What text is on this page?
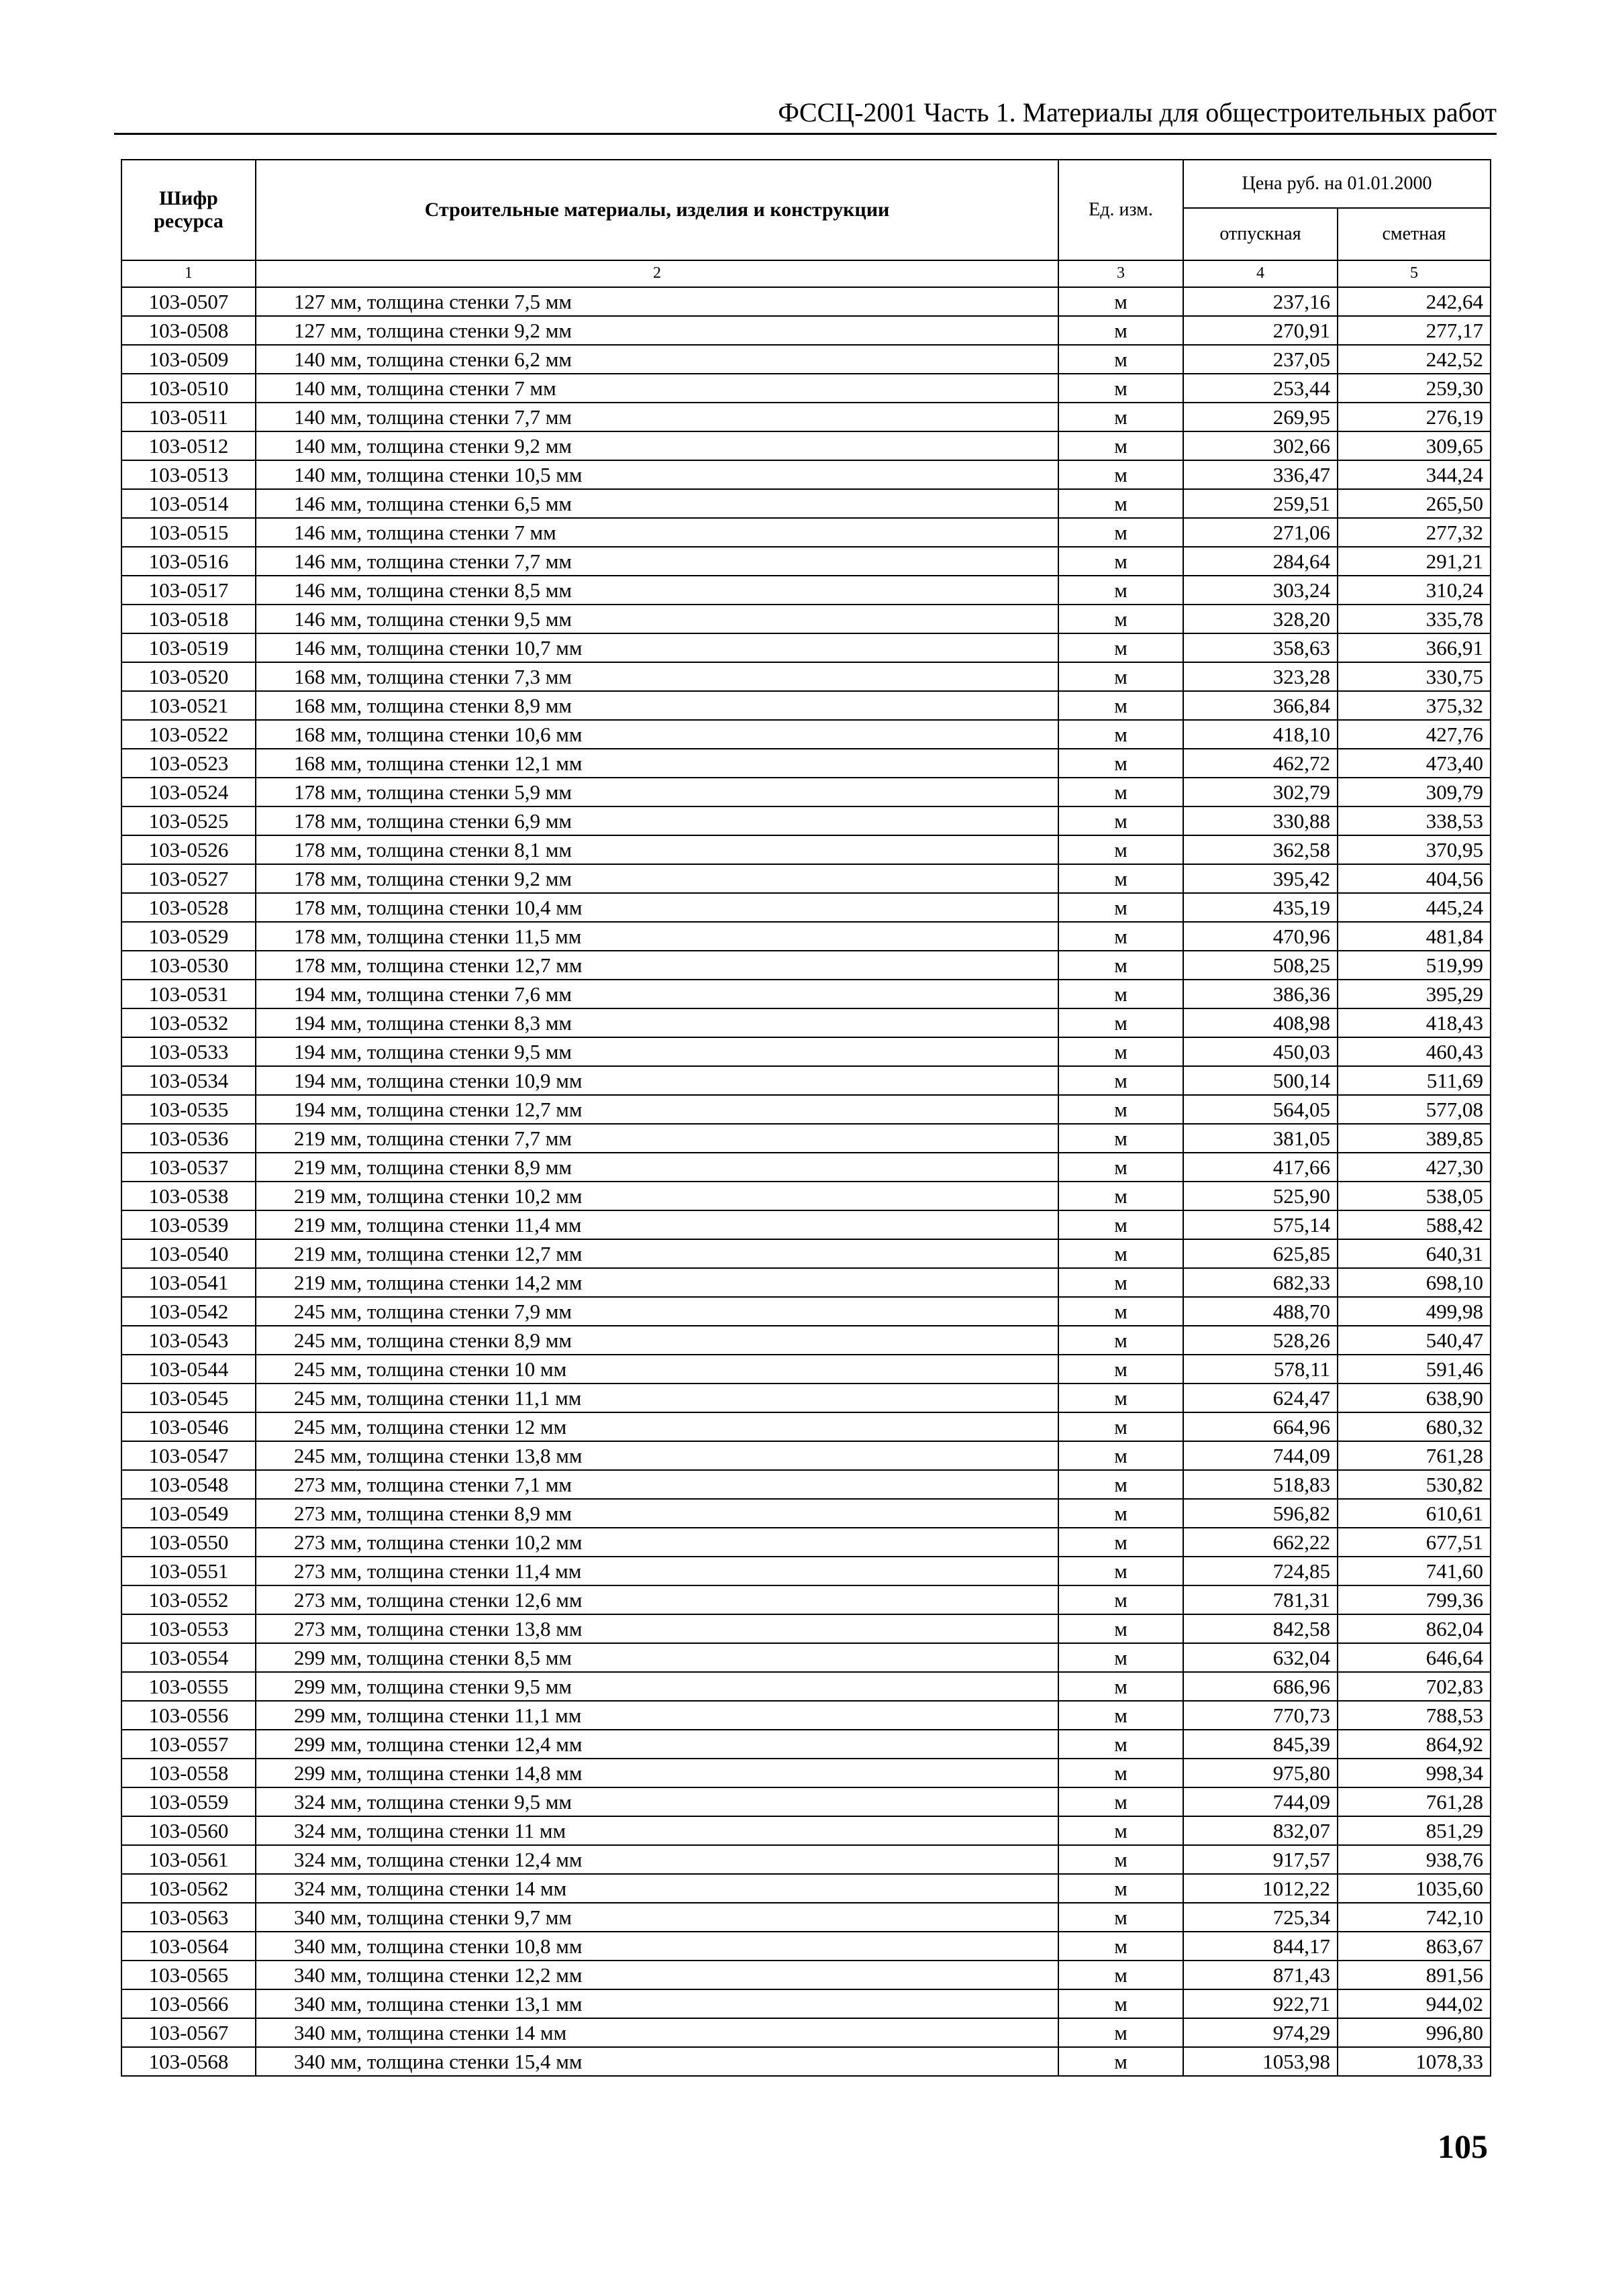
ФССЦ-2001 Часть 1. Материалы для общестроительных работ
Шифр ресурса	Строительные материалы, изделия и конструкции	Ед. изм.	Цена руб. на 01.01.2000	
			отпускная	сметная
1	2	3	4	5
103-0507	127 мм, толщина стенки 7,5 мм	м	237,16	242,64
103-0508	127 мм, толщина стенки 9,2 мм	м	270,91	277,17
103-0509	140 мм, толщина стенки 6,2 мм	м	237,05	242,52
103-0510	140 мм, толщина стенки 7 мм	м	253,44	259,30
103-0511	140 мм, толщина стенки 7,7 мм	м	269,95	276,19
103-0512	140 мм, толщина стенки 9,2 мм	м	302,66	309,65
103-0513	140 мм, толщина стенки 10,5 мм	м	336,47	344,24
103-0514	146 мм, толщина стенки 6,5 мм	м	259,51	265,50
103-0515	146 мм, толщина стенки 7 мм	м	271,06	277,32
103-0516	146 мм, толщина стенки 7,7 мм	м	284,64	291,21
103-0517	146 мм, толщина стенки 8,5 мм	м	303,24	310,24
103-0518	146 мм, толщина стенки 9,5 мм	м	328,20	335,78
103-0519	146 мм, толщина стенки 10,7 мм	м	358,63	366,91
103-0520	168 мм, толщина стенки 7,3 мм	м	323,28	330,75
103-0521	168 мм, толщина стенки 8,9 мм	м	366,84	375,32
103-0522	168 мм, толщина стенки 10,6 мм	м	418,10	427,76
103-0523	168 мм, толщина стенки 12,1 мм	м	462,72	473,40
103-0524	178 мм, толщина стенки 5,9 мм	м	302,79	309,79
103-0525	178 мм, толщина стенки 6,9 мм	м	330,88	338,53
103-0526	178 мм, толщина стенки 8,1 мм	м	362,58	370,95
103-0527	178 мм, толщина стенки 9,2 мм	м	395,42	404,56
103-0528	178 мм, толщина стенки 10,4 мм	м	435,19	445,24
103-0529	178 мм, толщина стенки 11,5 мм	м	470,96	481,84
103-0530	178 мм, толщина стенки 12,7 мм	м	508,25	519,99
103-0531	194 мм, толщина стенки 7,6 мм	м	386,36	395,29
103-0532	194 мм, толщина стенки 8,3 мм	м	408,98	418,43
103-0533	194 мм, толщина стенки 9,5 мм	м	450,03	460,43
103-0534	194 мм, толщина стенки 10,9 мм	м	500,14	511,69
103-0535	194 мм, толщина стенки 12,7 мм	м	564,05	577,08
103-0536	219 мм, толщина стенки 7,7 мм	м	381,05	389,85
103-0537	219 мм, толщина стенки 8,9 мм	м	417,66	427,30
103-0538	219 мм, толщина стенки 10,2 мм	м	525,90	538,05
103-0539	219 мм, толщина стенки 11,4 мм	м	575,14	588,42
103-0540	219 мм, толщина стенки 12,7 мм	м	625,85	640,31
103-0541	219 мм, толщина стенки 14,2 мм	м	682,33	698,10
103-0542	245 мм, толщина стенки 7,9 мм	м	488,70	499,98
103-0543	245 мм, толщина стенки 8,9 мм	м	528,26	540,47
103-0544	245 мм, толщина стенки 10 мм	м	578,11	591,46
103-0545	245 мм, толщина стенки 11,1 мм	м	624,47	638,90
103-0546	245 мм, толщина стенки 12 мм	м	664,96	680,32
103-0547	245 мм, толщина стенки 13,8 мм	м	744,09	761,28
103-0548	273 мм, толщина стенки 7,1 мм	м	518,83	530,82
103-0549	273 мм, толщина стенки 8,9 мм	м	596,82	610,61
103-0550	273 мм, толщина стенки 10,2 мм	м	662,22	677,51
103-0551	273 мм, толщина стенки 11,4 мм	м	724,85	741,60
103-0552	273 мм, толщина стенки 12,6 мм	м	781,31	799,36
103-0553	273 мм, толщина стенки 13,8 мм	м	842,58	862,04
103-0554	299 мм, толщина стенки 8,5 мм	м	632,04	646,64
103-0555	299 мм, толщина стенки 9,5 мм	м	686,96	702,83
103-0556	299 мм, толщина стенки 11,1 мм	м	770,73	788,53
103-0557	299 мм, толщина стенки 12,4 мм	м	845,39	864,92
103-0558	299 мм, толщина стенки 14,8 мм	м	975,80	998,34
103-0559	324 мм, толщина стенки 9,5 мм	м	744,09	761,28
103-0560	324 мм, толщина стенки 11 мм	м	832,07	851,29
103-0561	324 мм, толщина стенки 12,4 мм	м	917,57	938,76
103-0562	324 мм, толщина стенки 14 мм	м	1012,22	1035,60
103-0563	340 мм, толщина стенки 9,7 мм	м	725,34	742,10
103-0564	340 мм, толщина стенки 10,8 мм	м	844,17	863,67
103-0565	340 мм, толщина стенки 12,2 мм	м	871,43	891,56
103-0566	340 мм, толщина стенки 13,1 мм	м	922,71	944,02
103-0567	340 мм, толщина стенки 14 мм	м	974,29	996,80
103-0568	340 мм, толщина стенки 15,4 мм	м	1053,98	1078,33
105
